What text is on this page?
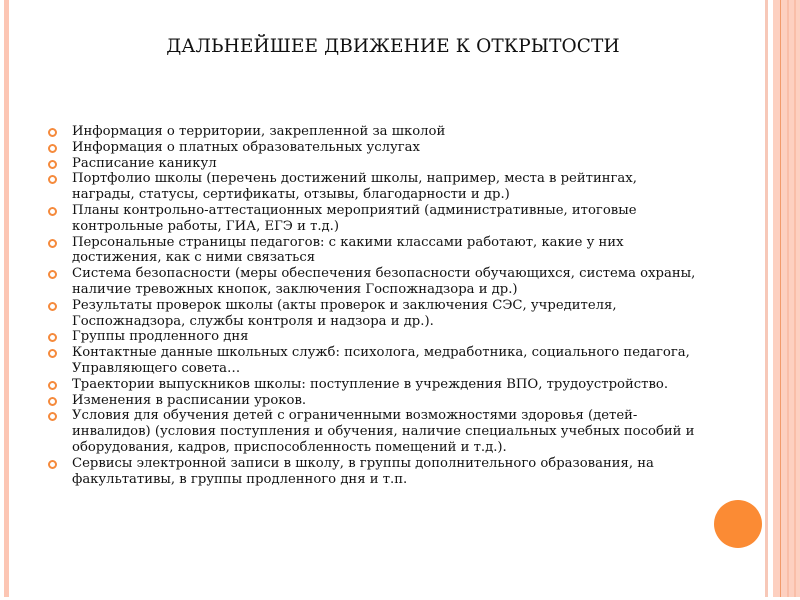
ДАЛЬНЕЙШЕЕ ДВИЖЕНИЕ К ОТКРЫТОСТИ
Информация о территории, закрепленной за школой
Информация о платных образовательных услугах
Расписание каникул
Портфолио школы (перечень достижений школы, например, места в рейтингах, награды, статусы, сертификаты, отзывы, благодарности и др.)
Планы контрольно-аттестационных мероприятий (административные, итоговые контрольные работы, ГИА, ЕГЭ и т.д.)
Персональные страницы педагогов: с какими классами работают, какие у них достижения, как с ними связаться
Система безопасности (меры обеспечения безопасности обучающихся, система охраны, наличие тревожных кнопок, заключения Госпожнадзора и др.)
Результаты проверок школы (акты проверок и заключения СЭС, учредителя, Госпожнадзора, службы контроля и надзора и др.).
Группы продленного дня
Контактные данные школьных служб: психолога, медработника, социального педагога, Управляющего совета…
Траектории выпускников школы: поступление в учреждения ВПО, трудоустройство.
Изменения в расписании уроков.
Условия для обучения детей с ограниченными возможностями здоровья (детей-инвалидов) (условия поступления и обучения, наличие специальных учебных пособий и оборудования, кадров, приспособленность помещений и т.д.).
Сервисы электронной записи в школу, в группы дополнительного образования, на факультативы, в группы продленного дня и т.п.
